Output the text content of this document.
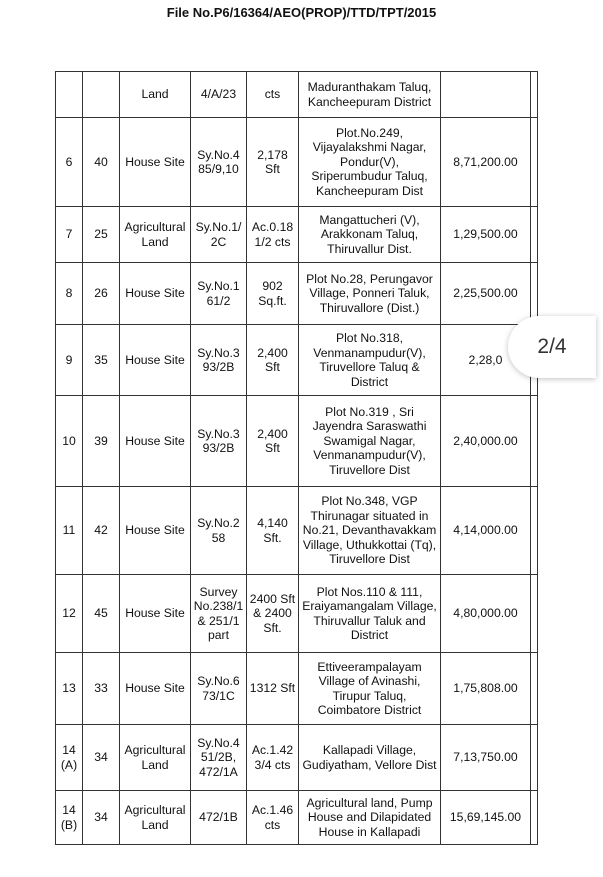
File No.P6/16364/AEO(PROP)/TTD/TPT/2015
		Land	4/A/23	cts	Maduranthakam Taluq, Kancheepuram District		
6	40	House Site	Sy.No.4 85/9,10	2,178 Sft	Plot.No.249, Vijayalakshmi Nagar, Pondur(V), Sriperumbudur Taluq, Kancheepuram Dist	8,71,200.00	
7	25	Agricultural Land	Sy.No.1/ 2C	Ac.0.18 1/2 cts	Mangattucheri (V), Arakkonam Taluq, Thiruvallur Dist.	1,29,500.00	
8	26	House Site	Sy.No.1 61/2	902 Sq.ft.	Plot No.28, Perungavor Village, Ponneri Taluk, Thiruvallore (Dist.)	2,25,500.00	
9	35	House Site	Sy.No.3 93/2B	2,400 Sft	Plot No.318, Venmanampudur(V), Tiruvellore Taluq & District	2,28,0	
10	39	House Site	Sy.No.3 93/2B	2,400 Sft	Plot No.319 , Sri Jayendra Saraswathi Swamigal Nagar, Venmanampudur(V), Tiruvellore Dist	2,40,000.00	
11	42	House Site	Sy.No.2 58	4,140 Sft.	Plot No.348, VGP Thirunagar situated in No.21, Devanthavakkam Village, Uthukkottai (Tq), Tiruvellore Dist	4,14,000.00	
12	45	House Site	Survey No.238/1 & 251/1 part	2400 Sft & 2400 Sft.	Plot Nos.110 & 111, Eraiyamangalam Village, Thiruvallur Taluk and District	4,80,000.00	
13	33	House Site	Sy.No.6 73/1C	1312 Sft	Ettiveerampalayam Village of Avinashi, Tirupur Taluq, Coimbatore District	1,75,808.00	
14 (A)	34	Agricultural Land	Sy.No.4 51/2B, 472/1A	Ac.1.42 3/4 cts	Kallapadi Village, Gudiyatham, Vellore Dist	7,13,750.00	
14 (B)	34	Agricultural Land	472/1B	Ac.1.46 cts	Agricultural land, Pump House and Dilapidated House in Kallapadi	15,69,145.00	
2/4
